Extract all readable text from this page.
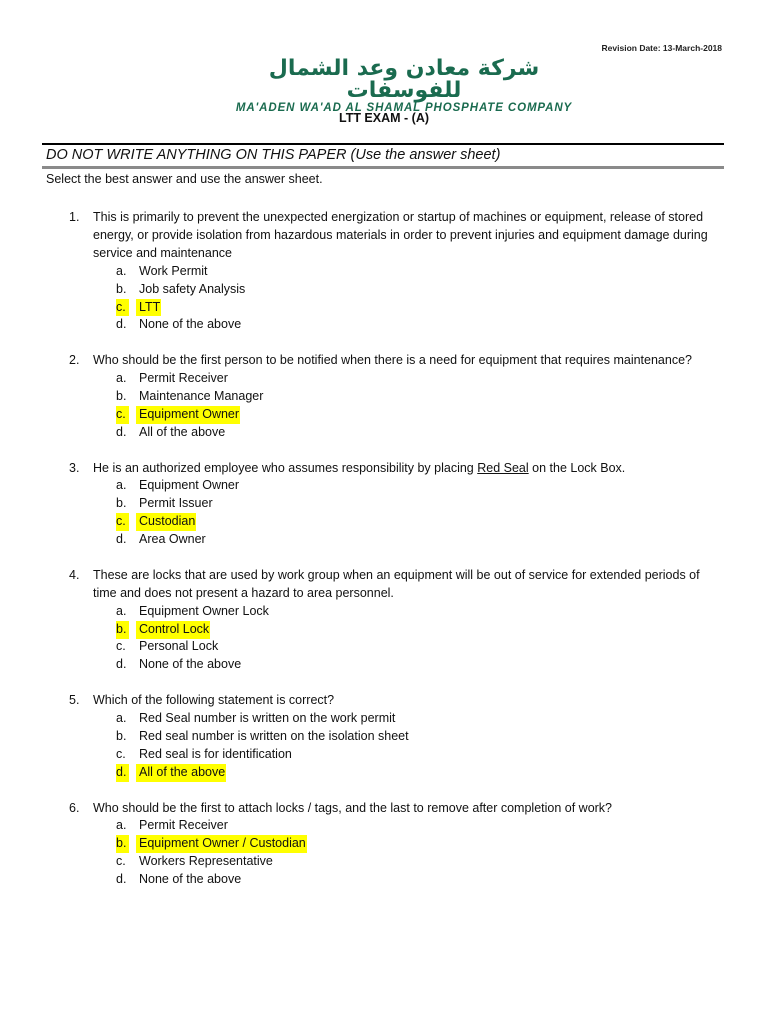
Revision Date: 13-March-2018
شركة معادن وعد الشمال للفوسفات
MA'ADEN WA'AD AL SHAMAL PHOSPHATE COMPANY
LTT EXAM - (A)
DO NOT WRITE ANYTHING ON THIS PAPER (Use the answer sheet)
Select the best answer and use the answer sheet.
1. This is primarily to prevent the unexpected energization or startup of machines or equipment, release of stored energy, or provide isolation from hazardous materials in order to prevent injuries and equipment damage during service and maintenance
a. Work Permit
b. Job safety Analysis
c. LTT
d. None of the above
2. Who should be the first person to be notified when there is a need for equipment that requires maintenance?
a. Permit Receiver
b. Maintenance Manager
c. Equipment Owner
d. All of the above
3. He is an authorized employee who assumes responsibility by placing Red Seal on the Lock Box.
a. Equipment Owner
b. Permit Issuer
c. Custodian
d. Area Owner
4. These are locks that are used by work group when an equipment will be out of service for extended periods of time and does not present a hazard to area personnel.
a. Equipment Owner Lock
b. Control Lock
c. Personal Lock
d. None of the above
5. Which of the following statement is correct?
a. Red Seal number is written on the work permit
b. Red seal number is written on the isolation sheet
c. Red seal is for identification
d. All of the above
6. Who should be the first to attach locks / tags, and the last to remove after completion of work?
a. Permit Receiver
b. Equipment Owner / Custodian
c. Workers Representative
d. None of the above
